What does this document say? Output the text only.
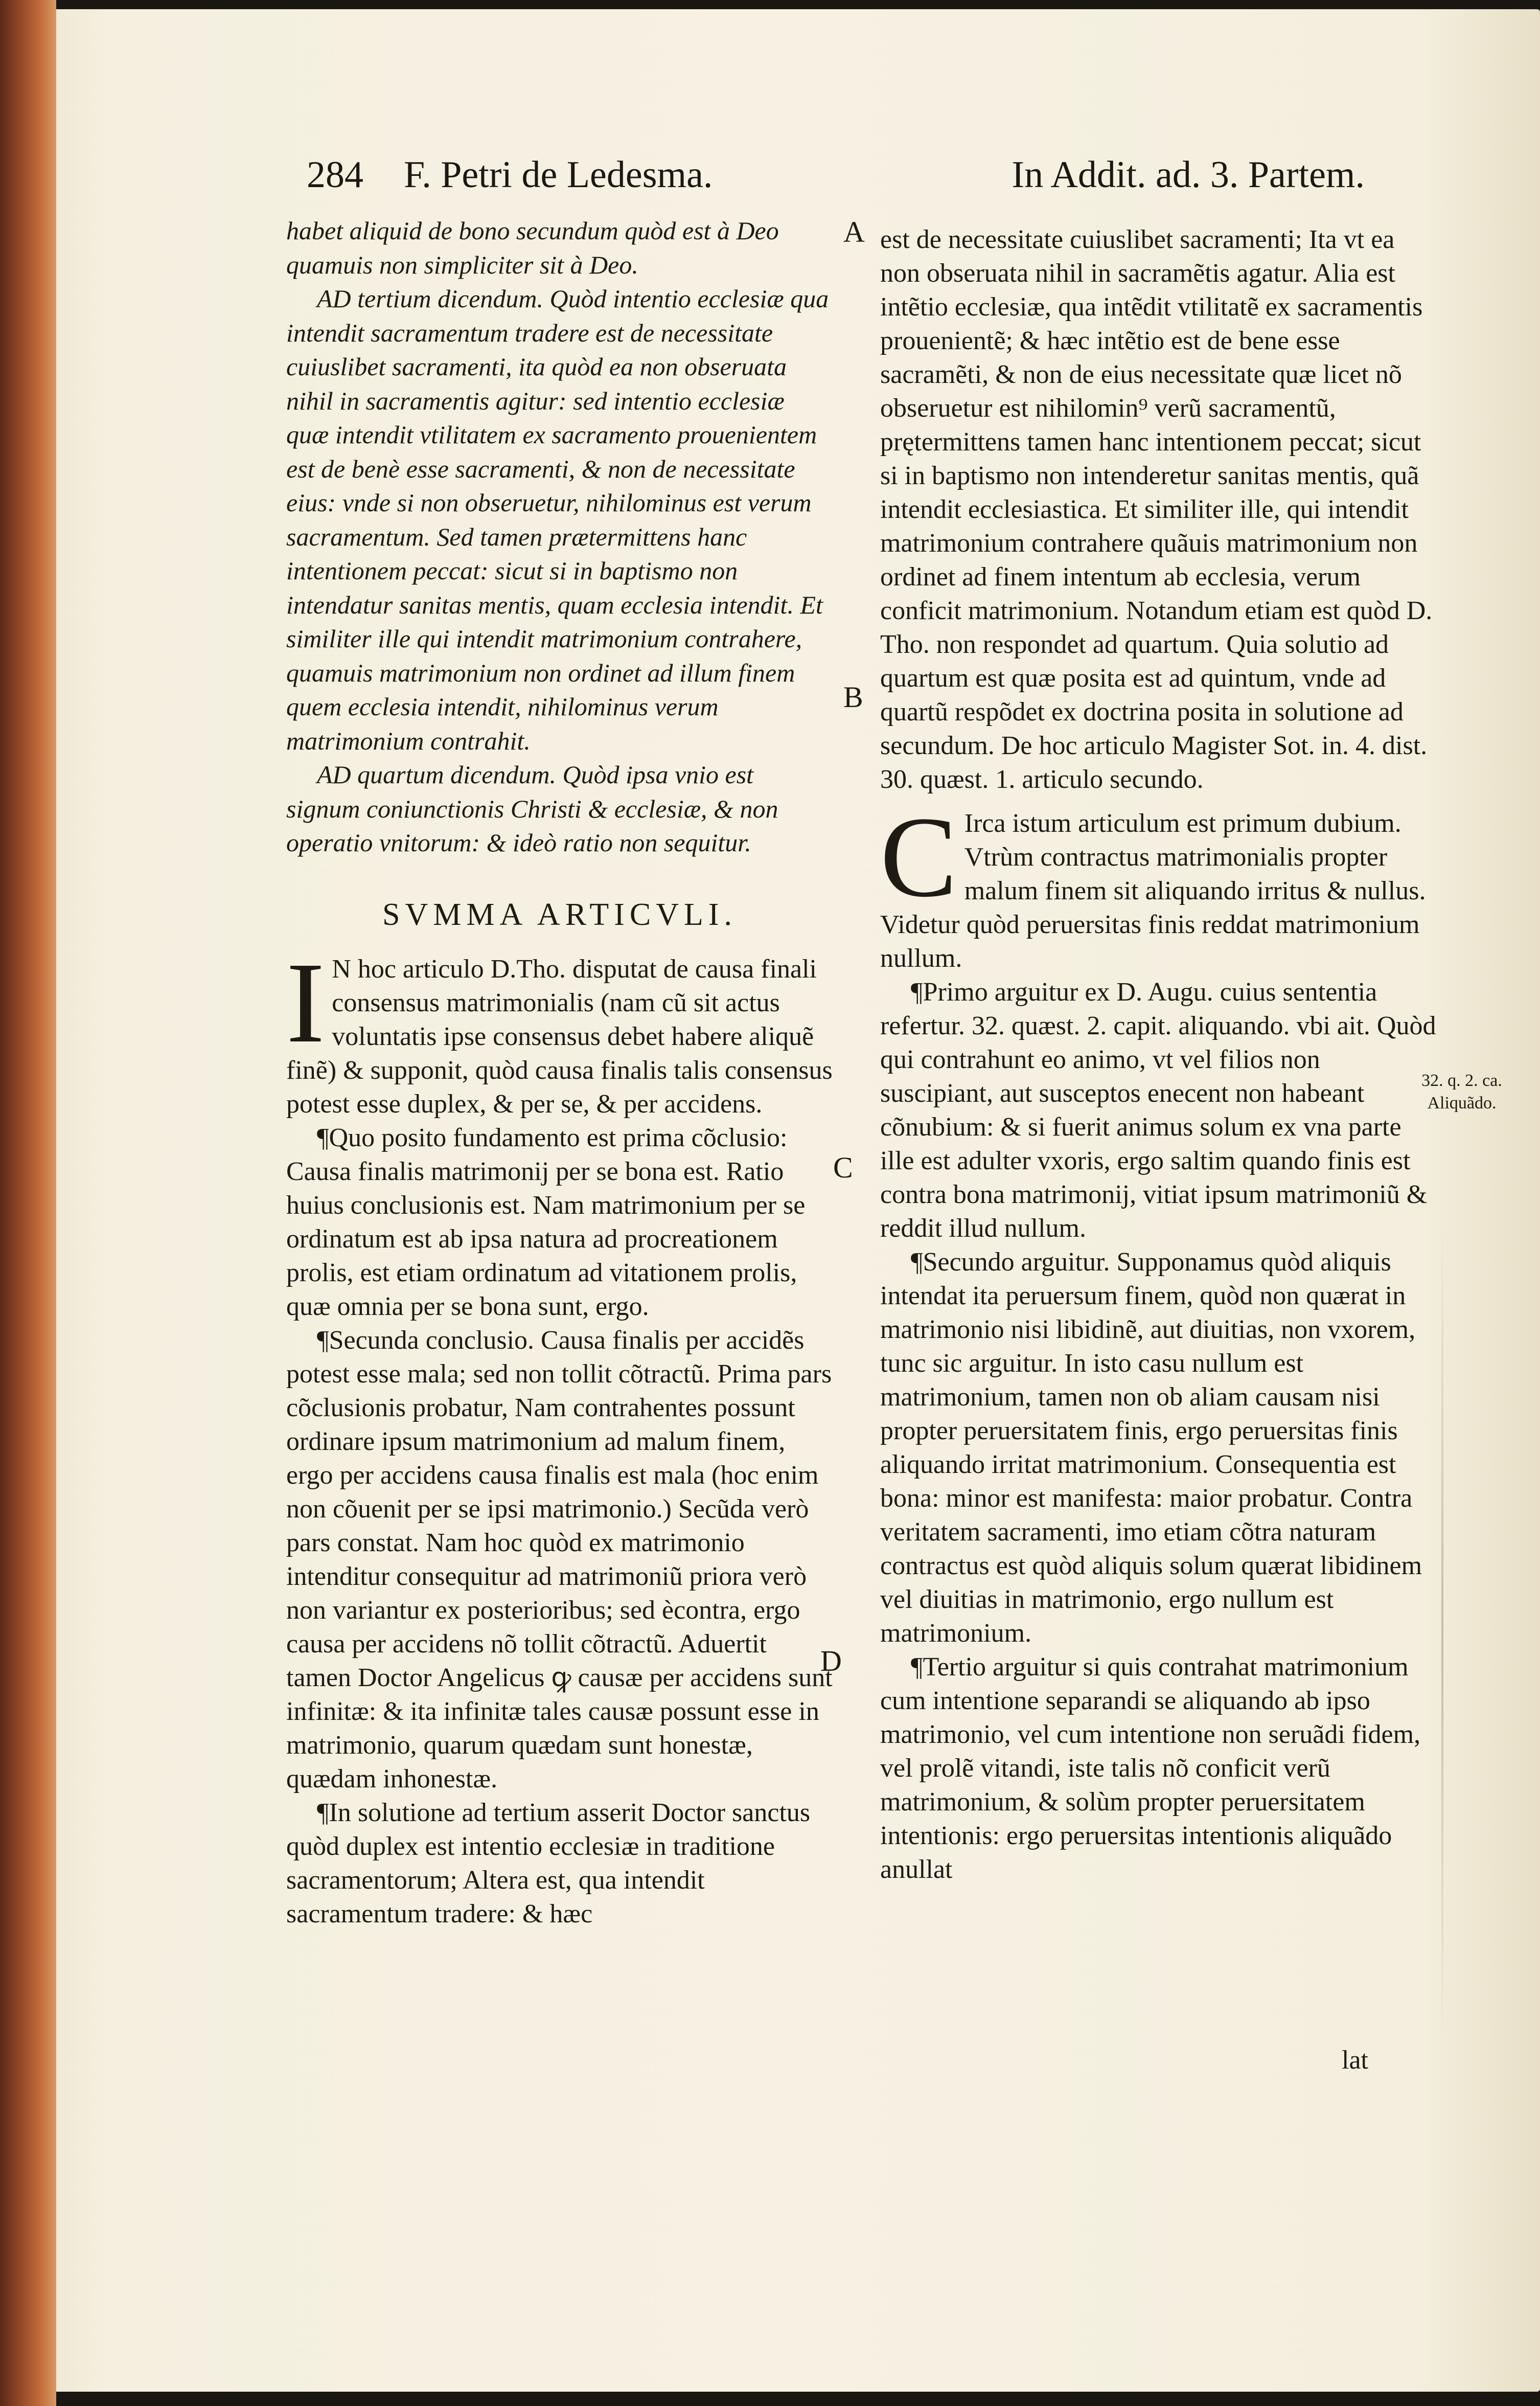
284 F. Petri de Ledesma.	In Addit. ad. 3. Partem.

habet aliquid de bono secundum quòd est à Deo quamuis non simpliciter sit à Deo.

AD tertium dicendum. Quòd intentio ecclesiæ qua intendit sacramentum tradere est de necessitate cuiuslibet sacramenti, ita quòd ea non obseruata nihil in sacramentis agitur: sed intentio ecclesiæ quæ intendit vtilitatem ex sacramento prouenientem est de benè esse sacramenti, & non de necessitate eius: vnde si non obseruetur, nihilominus est verum sacramentum. Sed tamen prætermittens hanc intentionem peccat: sicut si in baptismo non intendatur sanitas mentis, quam ecclesia intendit. Et similiter ille qui intendit matrimonium contrahere, quamuis matrimonium non ordinet ad illum finem quem ecclesia intendit, nihilominus verum matrimonium contrahit.

AD quartum dicendum. Quòd ipsa vnio est signum coniunctionis Christi & ecclesiæ, & non operatio vnitorum: & ideò ratio non sequitur.

SVMMA ARTICVLI.

I N hoc articulo D.Tho. disputat de causa finali consensus matrimonialis (nam cũ sit actus voluntatis ipse consensus debet habere aliquẽ finẽ) & supponit, quòd causa finalis talis consensus potest esse duplex, & per se, & per accidens.

¶Quo posito fundamento est prima cõclusio: Causa finalis matrimonij per se bona est. Ratio huius conclusionis est. Nam matrimonium per se ordinatum est ab ipsa natura ad procreationem prolis, est etiam ordinatum ad vitationem prolis, quæ omnia per se bona sunt, ergo.

¶Secunda conclusio. Causa finalis per accidẽs potest esse mala; sed non tollit cõtractũ. Prima pars cõclusionis probatur, Nam contrahentes possunt ordinare ipsum matrimonium ad malum finem, ergo per accidens causa finalis est mala (hoc enim non cõuenit per se ipsi matrimonio.) Secũda verò pars constat. Nam hoc quòd ex matrimonio intenditur consequitur ad matrimoniũ priora verò non variantur ex posterioribus; sed ècontra, ergo causa per accidens nõ tollit cõtractũ. Aduertit tamen Doctor Angelicus ꝙ causæ per accidens sunt infinitæ: & ita infinitæ tales causæ possunt esse in matrimonio, quarum quædam sunt honestæ, quædam inhonestæ.

¶In solutione ad tertium asserit Doctor sanctus quòd duplex est intentio ecclesiæ in traditione sacramentorum; Altera est, qua intendit sacramentum tradere: & hæc

est de necessitate cuiuslibet sacramenti; Ita vt ea non obseruata nihil in sacramẽtis agatur. Alia est intẽtio ecclesiæ, qua intẽdit vtilitatẽ ex sacramentis prouenientẽ; & hæc intẽtio est de bene esse sacramẽti, & non de eius necessitate quæ licet nõ obseruetur est nihilomin⁹ verũ sacramentũ, prętermittens tamen hanc intentionem peccat; sicut si in baptismo non intenderetur sanitas mentis, quã intendit ecclesiastica. Et similiter ille, qui intendit matrimonium contrahere quãuis matrimonium non ordinet ad finem intentum ab ecclesia, verum conficit matrimonium. Notandum etiam est quòd D. Tho. non respondet ad quartum. Quia solutio ad quartum est quæ posita est ad quintum, vnde ad quartũ respõdet ex doctrina posita in solutione ad secundum. De hoc articulo Magister Sot. in. 4. dist. 30. quæst. 1. articulo secundo.

C Irca istum articulum est primum dubium. Vtrùm contractus matrimonialis propter malum finem sit aliquando irritus & nullus. Videtur quòd peruersitas finis reddat matrimonium nullum.

¶Primo arguitur ex D. Augu. cuius sententia refertur. 32. quæst. 2. capit. aliquando. vbi ait. Quòd qui contrahunt eo animo, vt vel filios non suscipiant, aut susceptos enecent non habeant cõnubium: & si fuerit animus solum ex vna parte ille est adulter vxoris, ergo saltim quando finis est contra bona matrimonij, vitiat ipsum matrimoniũ & reddit illud nullum.

¶Secundo arguitur. Supponamus quòd aliquis intendat ita peruersum finem, quòd non quærat in matrimonio nisi libidinẽ, aut diuitias, non vxorem, tunc sic arguitur. In isto casu nullum est matrimonium, tamen non ob aliam causam nisi propter peruersitatem finis, ergo peruersitas finis aliquando irritat matrimonium. Consequentia est bona: minor est manifesta: maior probatur. Contra veritatem sacramenti, imo etiam cõtra naturam contractus est quòd aliquis solum quærat libidinem vel diuitias in matrimonio, ergo nullum est matrimonium.

¶Tertio arguitur si quis contrahat matrimonium cum intentione separandi se aliquando ab ipso matrimonio, vel cum intentione non seruãdi fidem, vel prolẽ vitandi, iste talis nõ conficit verũ matrimonium, & solùm propter peruersitatem intentionis: ergo peruersitas intentionis aliquãdo anullat

A
B
C
D
32. q. 2. ca.
Aliquãdo.
lat
